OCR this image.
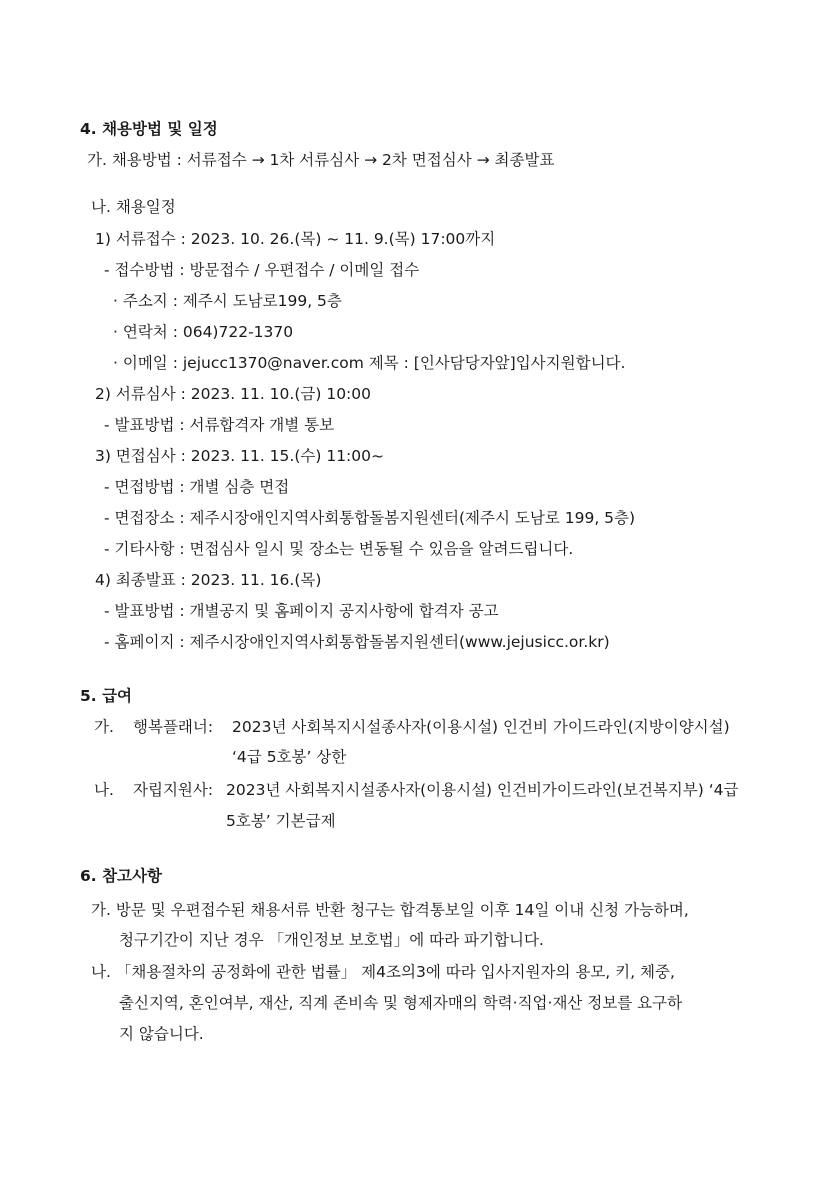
4. 채용방법 및 일정
가. 채용방법 : 서류접수 → 1차 서류심사 → 2차 면접심사 → 최종발표
나. 채용일정
1) 서류접수 : 2023. 10. 26.(목) ~ 11. 9.(목) 17:00까지
- 접수방법 : 방문접수 / 우편접수 / 이메일 접수
· 주소지 : 제주시 도남로199, 5층
· 연락처 : 064)722-1370
· 이메일 : jejucc1370@naver.com 제목 : [인사담당자앞]입사지원합니다.
2) 서류심사 : 2023. 11. 10.(금) 10:00
- 발표방법 : 서류합격자 개별 통보
3) 면접심사 : 2023. 11. 15.(수) 11:00~
- 면접방법 : 개별 심층 면접
- 면접장소 : 제주시장애인지역사회통합돌봄지원센터(제주시 도남로 199, 5층)
- 기타사항 : 면접심사 일시 및 장소는 변동될 수 있음을 알려드립니다.
4) 최종발표 : 2023. 11. 16.(목)
- 발표방법 : 개별공지 및 홈페이지 공지사항에 합격자 공고
- 홈페이지 : 제주시장애인지역사회통합돌봄지원센터(www.jejusicc.or.kr)
5. 급여
가. 행복플래너: 2023년 사회복지시설종사자(이용시설) 인건비 가이드라인(지방이양시설)
‘4급 5호봉’ 상한
나. 자립지원사: 2023년 사회복지시설종사자(이용시설) 인건비가이드라인(보건복지부) ‘4급
5호봉’ 기본급제
6. 참고사항
가. 방문 및 우편접수된 채용서류 반환 청구는 합격통보일 이후 14일 이내 신청 가능하며,
청구기간이 지난 경우 「개인정보 보호법」에 따라 파기합니다.
나. 「채용절차의 공정화에 관한 법률」 제4조의3에 따라 입사지원자의 용모, 키, 체중,
출신지역, 혼인여부, 재산, 직계 존비속 및 형제자매의 학력·직업·재산 정보를 요구하
지 않습니다.
